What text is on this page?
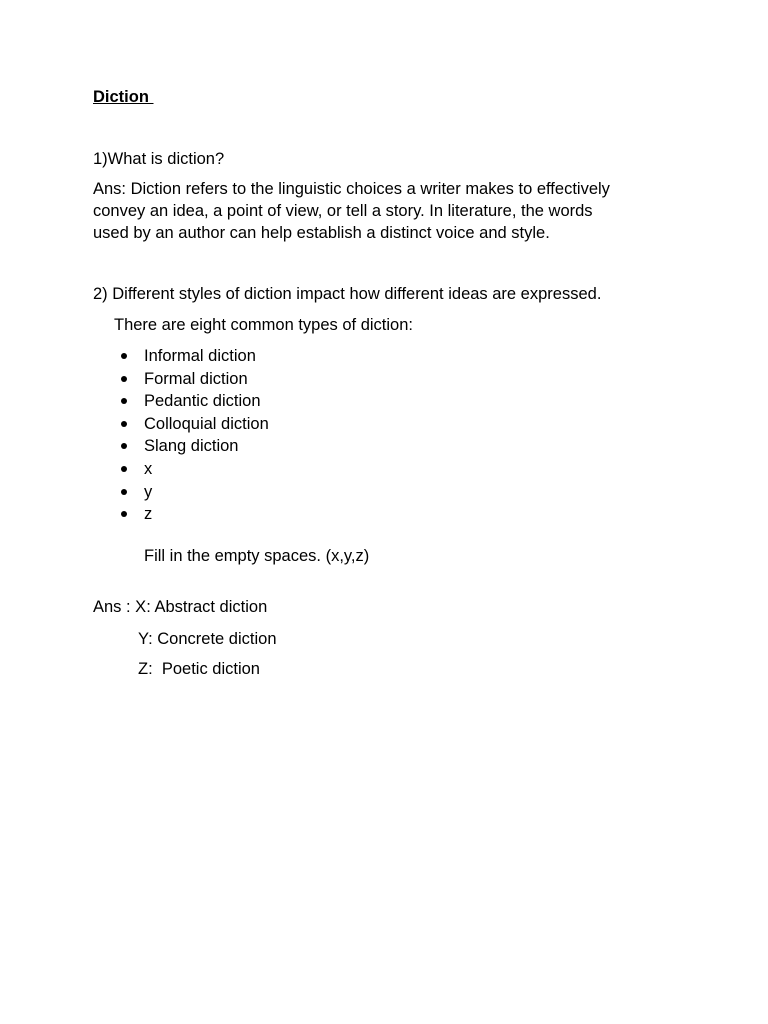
Diction
1)What is diction?
Ans: Diction refers to the linguistic choices a writer makes to effectively
convey an idea, a point of view, or tell a story. In literature, the words
used by an author can help establish a distinct voice and style.
2) Different styles of diction impact how different ideas are expressed.
There are eight common types of diction:
Informal diction
Formal diction
Pedantic diction
Colloquial diction
Slang diction
x
y
z
Fill in the empty spaces. (x,y,z)
Ans : X: Abstract diction
Y: Concrete diction
Z:  Poetic diction
